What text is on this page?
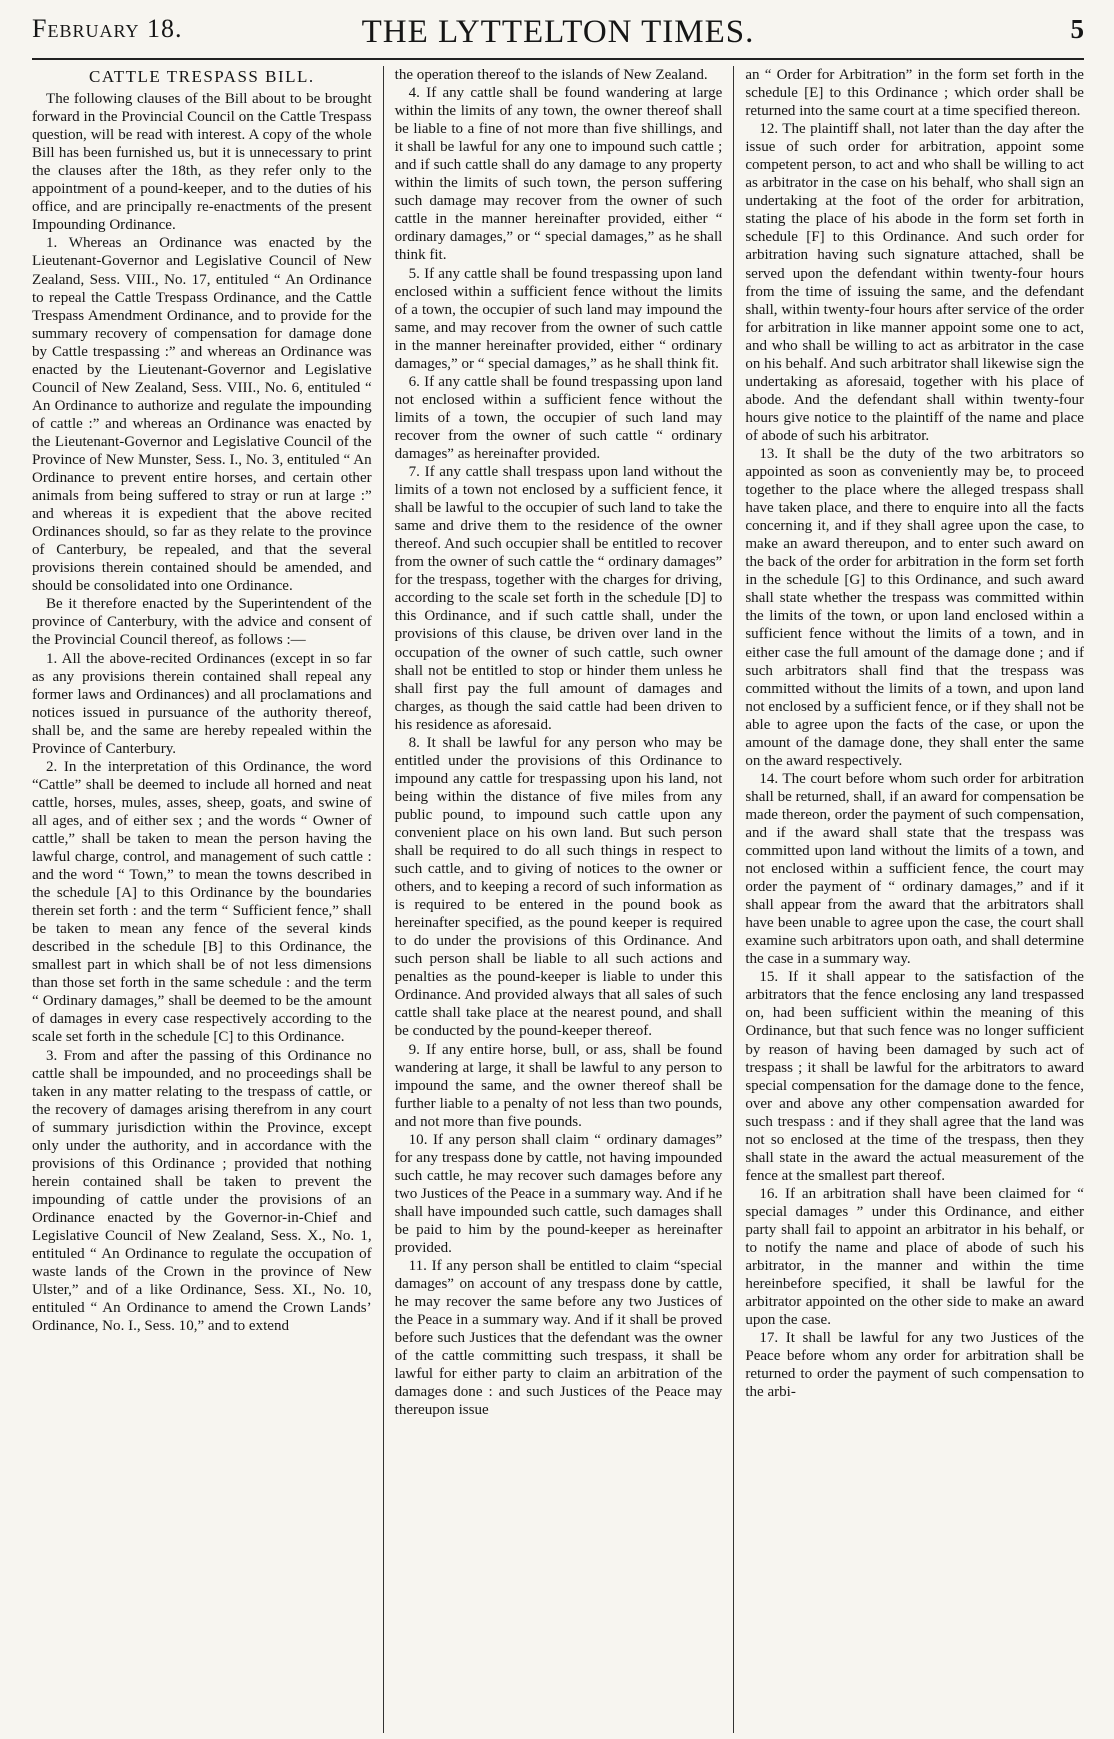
February 18.	THE LYTTELTON TIMES.	5
CATTLE TRESPASS BILL.

The following clauses of the Bill about to be brought forward in the Provincial Council on the Cattle Trespass question, will be read with interest. A copy of the whole Bill has been furnished us, but it is unnecessary to print the clauses after the 18th, as they refer only to the appointment of a pound-keeper, and to the duties of his office, and are principally re-enactments of the present Impounding Ordinance.

1. Whereas an Ordinance was enacted by the Lieutenant-Governor and Legislative Council of New Zealand, Sess. VIII., No. 17, entituled “ An Ordinance to repeal the Cattle Trespass Ordinance, and the Cattle Trespass Amendment Ordinance, and to provide for the summary recovery of compensation for damage done by Cattle trespassing :” and whereas an Ordinance was enacted by the Lieutenant-Governor and Legislative Council of New Zealand, Sess. VIII., No. 6, entituled “ An Ordinance to authorize and regulate the impounding of cattle :” and whereas an Ordinance was enacted by the Lieutenant-Governor and Legislative Council of the Province of New Munster, Sess. I., No. 3, entituled “ An Ordinance to prevent entire horses, and certain other animals from being suffered to stray or run at large :” and whereas it is expedient that the above recited Ordinances should, so far as they relate to the province of Canterbury, be repealed, and that the several provisions therein contained should be amended, and should be consolidated into one Ordinance.

Be it therefore enacted by the Superintendent of the province of Canterbury, with the advice and consent of the Provincial Council thereof, as follows :—

1. All the above-recited Ordinances (except in so far as any provisions therein contained shall repeal any former laws and Ordinances) and all proclamations and notices issued in pursuance of the authority thereof, shall be, and the same are hereby repealed within the Province of Canterbury.

2. In the interpretation of this Ordinance, the word “Cattle” shall be deemed to include all horned and neat cattle, horses, mules, asses, sheep, goats, and swine of all ages, and of either sex ; and the words “ Owner of cattle,” shall be taken to mean the person having the lawful charge, control, and management of such cattle : and the word “ Town,” to mean the towns described in the schedule [A] to this Ordinance by the boundaries therein set forth : and the term “ Sufficient fence,” shall be taken to mean any fence of the several kinds described in the schedule [B] to this Ordinance, the smallest part in which shall be of not less dimensions than those set forth in the same schedule : and the term “ Ordinary damages,” shall be deemed to be the amount of damages in every case respectively according to the scale set forth in the schedule [C] to this Ordinance.

3. From and after the passing of this Ordinance no cattle shall be impounded, and no proceedings shall be taken in any matter relating to the trespass of cattle, or the recovery of damages arising therefrom in any court of summary jurisdiction within the Province, except only under the authority, and in accordance with the provisions of this Ordinance ; provided that nothing herein contained shall be taken to prevent the impounding of cattle under the provisions of an Ordinance enacted by the Governor-in-Chief and Legislative Council of New Zealand, Sess. X., No. 1, entituled “ An Ordinance to regulate the occupation of waste lands of the Crown in the province of New Ulster,” and of a like Ordinance, Sess. XI., No. 10, entituled “ An Ordinance to amend the Crown Lands’ Ordinance, No. I., Sess. 10,” and to extend

the operation thereof to the islands of New Zealand.

4. If any cattle shall be found wandering at large within the limits of any town, the owner thereof shall be liable to a fine of not more than five shillings, and it shall be lawful for any one to impound such cattle ; and if such cattle shall do any damage to any property within the limits of such town, the person suffering such damage may recover from the owner of such cattle in the manner hereinafter provided, either “ ordinary damages,” or “ special damages,” as he shall think fit.

5. If any cattle shall be found trespassing upon land enclosed within a sufficient fence without the limits of a town, the occupier of such land may impound the same, and may recover from the owner of such cattle in the manner hereinafter provided, either “ ordinary damages,” or “ special damages,” as he shall think fit.

6. If any cattle shall be found trespassing upon land not enclosed within a sufficient fence without the limits of a town, the occupier of such land may recover from the owner of such cattle “ ordinary damages” as hereinafter provided.

7. If any cattle shall trespass upon land without the limits of a town not enclosed by a sufficient fence, it shall be lawful to the occupier of such land to take the same and drive them to the residence of the owner thereof. And such occupier shall be entitled to recover from the owner of such cattle the “ ordinary damages” for the trespass, together with the charges for driving, according to the scale set forth in the schedule [D] to this Ordinance, and if such cattle shall, under the provisions of this clause, be driven over land in the occupation of the owner of such cattle, such owner shall not be entitled to stop or hinder them unless he shall first pay the full amount of damages and charges, as though the said cattle had been driven to his residence as aforesaid.

8. It shall be lawful for any person who may be entitled under the provisions of this Ordinance to impound any cattle for trespassing upon his land, not being within the distance of five miles from any public pound, to impound such cattle upon any convenient place on his own land. But such person shall be required to do all such things in respect to such cattle, and to giving of notices to the owner or others, and to keeping a record of such information as is required to be entered in the pound book as hereinafter specified, as the pound keeper is required to do under the provisions of this Ordinance. And such person shall be liable to all such actions and penalties as the pound-keeper is liable to under this Ordinance. And provided always that all sales of such cattle shall take place at the nearest pound, and shall be conducted by the pound-keeper thereof.

9. If any entire horse, bull, or ass, shall be found wandering at large, it shall be lawful to any person to impound the same, and the owner thereof shall be further liable to a penalty of not less than two pounds, and not more than five pounds.

10. If any person shall claim “ ordinary damages” for any trespass done by cattle, not having impounded such cattle, he may recover such damages before any two Justices of the Peace in a summary way. And if he shall have impounded such cattle, such damages shall be paid to him by the pound-keeper as hereinafter provided.

11. If any person shall be entitled to claim “special damages” on account of any trespass done by cattle, he may recover the same before any two Justices of the Peace in a summary way. And if it shall be proved before such Justices that the defendant was the owner of the cattle committing such trespass, it shall be lawful for either party to claim an arbitration of the damages done : and such Justices of the Peace may thereupon issue

an “ Order for Arbitration” in the form set forth in the schedule [E] to this Ordinance ; which order shall be returned into the same court at a time specified thereon.

12. The plaintiff shall, not later than the day after the issue of such order for arbitration, appoint some competent person, to act and who shall be willing to act as arbitrator in the case on his behalf, who shall sign an undertaking at the foot of the order for arbitration, stating the place of his abode in the form set forth in schedule [F] to this Ordinance. And such order for arbitration having such signature attached, shall be served upon the defendant within twenty-four hours from the time of issuing the same, and the defendant shall, within twenty-four hours after service of the order for arbitration in like manner appoint some one to act, and who shall be willing to act as arbitrator in the case on his behalf. And such arbitrator shall likewise sign the undertaking as aforesaid, together with his place of abode. And the defendant shall within twenty-four hours give notice to the plaintiff of the name and place of abode of such his arbitrator.

13. It shall be the duty of the two arbitrators so appointed as soon as conveniently may be, to proceed together to the place where the alleged trespass shall have taken place, and there to enquire into all the facts concerning it, and if they shall agree upon the case, to make an award thereupon, and to enter such award on the back of the order for arbitration in the form set forth in the schedule [G] to this Ordinance, and such award shall state whether the trespass was committed within the limits of the town, or upon land enclosed within a sufficient fence without the limits of a town, and in either case the full amount of the damage done ; and if such arbitrators shall find that the trespass was committed without the limits of a town, and upon land not enclosed by a sufficient fence, or if they shall not be able to agree upon the facts of the case, or upon the amount of the damage done, they shall enter the same on the award respectively.

14. The court before whom such order for arbitration shall be returned, shall, if an award for compensation be made thereon, order the payment of such compensation, and if the award shall state that the trespass was committed upon land without the limits of a town, and not enclosed within a sufficient fence, the court may order the payment of “ ordinary damages,” and if it shall appear from the award that the arbitrators shall have been unable to agree upon the case, the court shall examine such arbitrators upon oath, and shall determine the case in a summary way.

15. If it shall appear to the satisfaction of the arbitrators that the fence enclosing any land trespassed on, had been sufficient within the meaning of this Ordinance, but that such fence was no longer sufficient by reason of having been damaged by such act of trespass ; it shall be lawful for the arbitrators to award special compensation for the damage done to the fence, over and above any other compensation awarded for such trespass : and if they shall agree that the land was not so enclosed at the time of the trespass, then they shall state in the award the actual measurement of the fence at the smallest part thereof.

16. If an arbitration shall have been claimed for “ special damages ” under this Ordinance, and either party shall fail to appoint an arbitrator in his behalf, or to notify the name and place of abode of such his arbitrator, in the manner and within the time hereinbefore specified, it shall be lawful for the arbitrator appointed on the other side to make an award upon the case.

17. It shall be lawful for any two Justices of the Peace before whom any order for arbitration shall be returned to order the payment of such compensation to the arbi-
